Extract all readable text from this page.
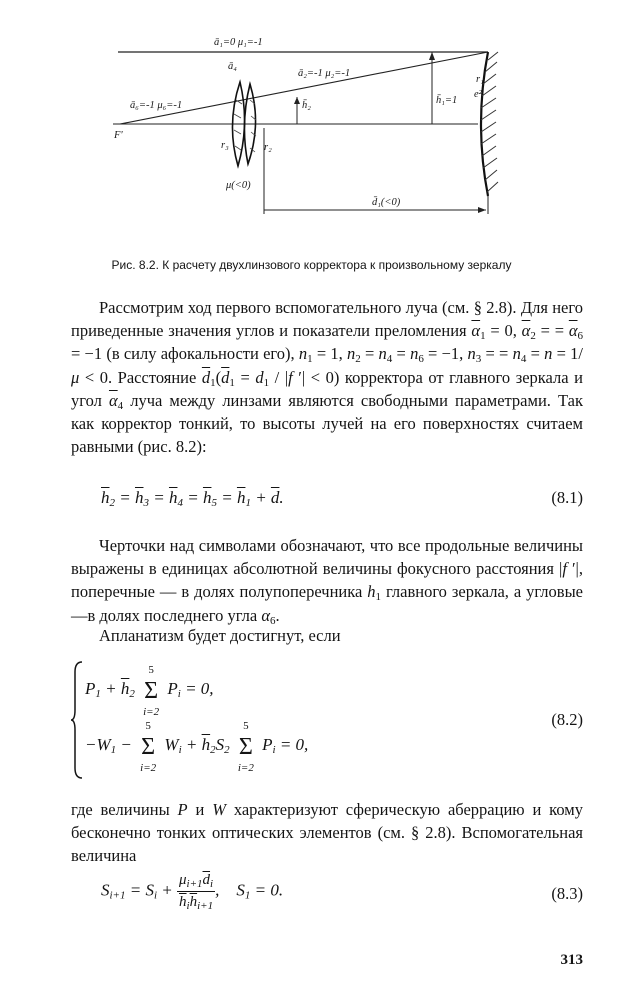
ā₁=0 μ₁=-1
ā₄
ā₂=-1 μ₂=-1
r₁
e²
ā₆=-1 μ₆=-1	h̄₂	h̄₁=1
F'
r₃	r₂
μ(<0)
d̄₁(<0)
Рис. 8.2. К расчету двухлинзового корректора к произвольному зеркалу

Рассмотрим ход первого вспомогательного луча (см. § 2.8). Для него приведенные значения углов и показатели преломления $\overline{\alpha}_1 = 0$, $\overline{\alpha}_2$ = = $\overline{\alpha}_6 = -1$ (в силу афокальности его), $n_1 = 1$, $n_2 = n_4 = n_6 = -1$, $n_3$ = = $n_4 = n = 1/\mu < 0$. Расстояние $\overline{d}_1(\overline{d}_1 = d_1 / |f$ ′| < 0) корректора от главного зеркала и угол $\overline{\alpha}_4$ луча между линзами являются свободными параметрами. Так как корректор тонкий, то высоты лучей на его поверхностях считаем равными (рис. 8.2):

$\overline{h}_2 = \overline{h}_3 = \overline{h}_4 = \overline{h}_5 = \overline{h}_1 + \overline{d}$.	(8.1)

Черточки над символами обозначают, что все продольные величины выражены в единицах абсолютной величины фокусного расстояния |f ′|, поперечные — в долях полупоперечника $h_1$ главного зеркала, а угловые—в долях последнего угла $\alpha_6$.

Апланатизм будет достигнут, если

$P_1 + \overline{h}_2$
5
Σ
i=2
$P_i = 0$,
$-W_1$ −
5
Σ
i=2
$W_i + \overline{h}_2S_2$
5
Σ
i=2
$P_i = 0$,
(8.2)

где величины P и W характеризуют сферическую аберрацию и кому бесконечно тонких оптических элементов (см. § 2.8). Вспомогательная величина

$S_{i+1} = S_i + \frac{\mu_{i+1}\overline{d}_i}{\overline{h}_i\overline{h}_{i+1}}$ ,    $S_1 = 0$.	(8.3)
313
